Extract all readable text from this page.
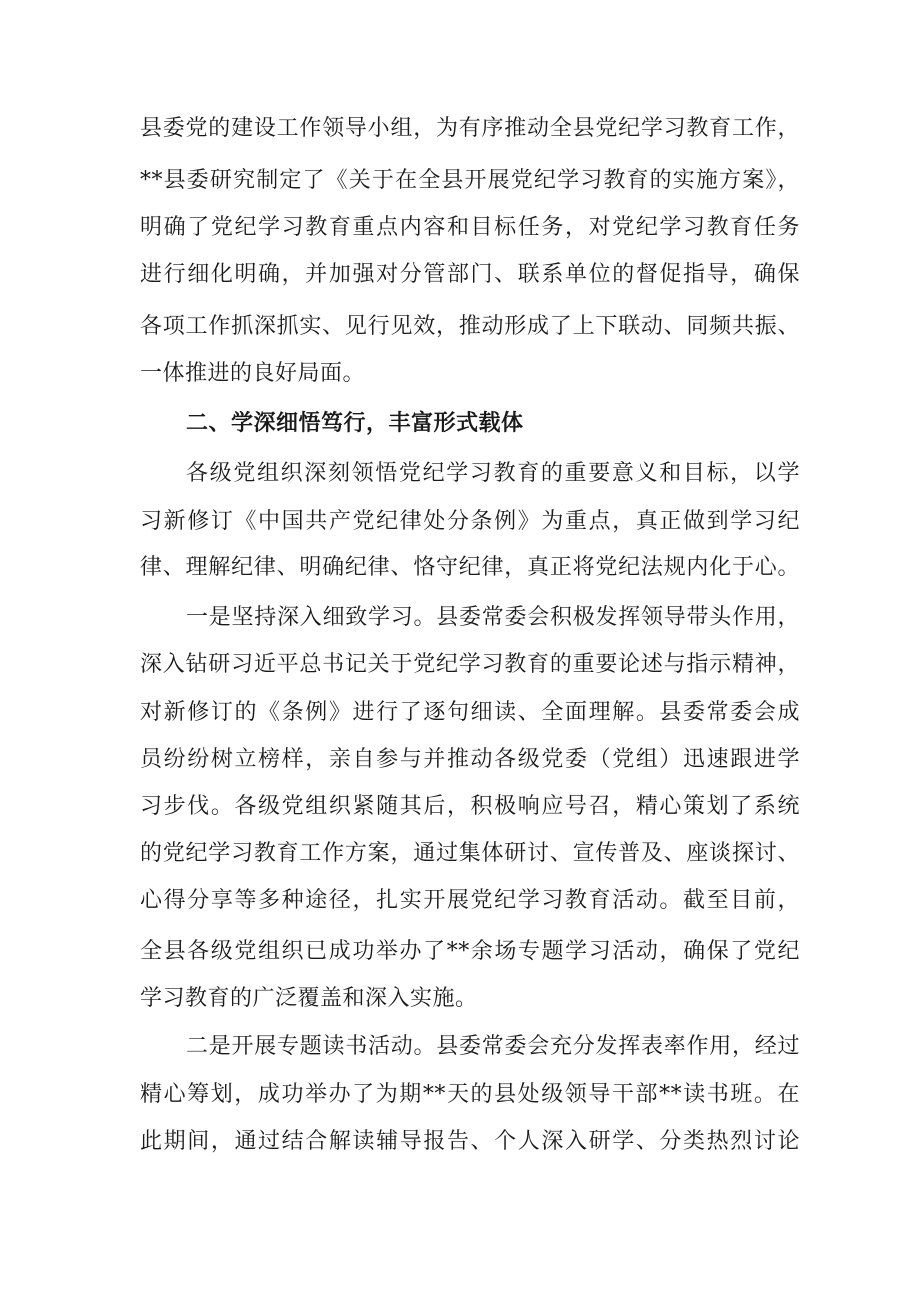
县委党的建设工作领导小组，为有序推动全县党纪学习教育工作，
**县委研究制定了《关于在全县开展党纪学习教育的实施方案》，
明确了党纪学习教育重点内容和目标任务，对党纪学习教育任务
进行细化明确，并加强对分管部门、联系单位的督促指导，确保
各项工作抓深抓实、见行见效，推动形成了上下联动、同频共振、
一体推进的良好局面。
二、学深细悟笃行，丰富形式载体
各级党组织深刻领悟党纪学习教育的重要意义和目标，以学
习新修订《中国共产党纪律处分条例》为重点，真正做到学习纪
律、理解纪律、明确纪律、恪守纪律，真正将党纪法规内化于心。
一是坚持深入细致学习。县委常委会积极发挥领导带头作用，
深入钻研习近平总书记关于党纪学习教育的重要论述与指示精神，
对新修订的《条例》进行了逐句细读、全面理解。县委常委会成
员纷纷树立榜样，亲自参与并推动各级党委（党组）迅速跟进学
习步伐。各级党组织紧随其后，积极响应号召，精心策划了系统
的党纪学习教育工作方案，通过集体研讨、宣传普及、座谈探讨、
心得分享等多种途径，扎实开展党纪学习教育活动。截至目前，
全县各级党组织已成功举办了**余场专题学习活动，确保了党纪
学习教育的广泛覆盖和深入实施。
二是开展专题读书活动。县委常委会充分发挥表率作用，经过
精心筹划，成功举办了为期**天的县处级领导干部**读书班。在
此期间，通过结合解读辅导报告、个人深入研学、分类热烈讨论
